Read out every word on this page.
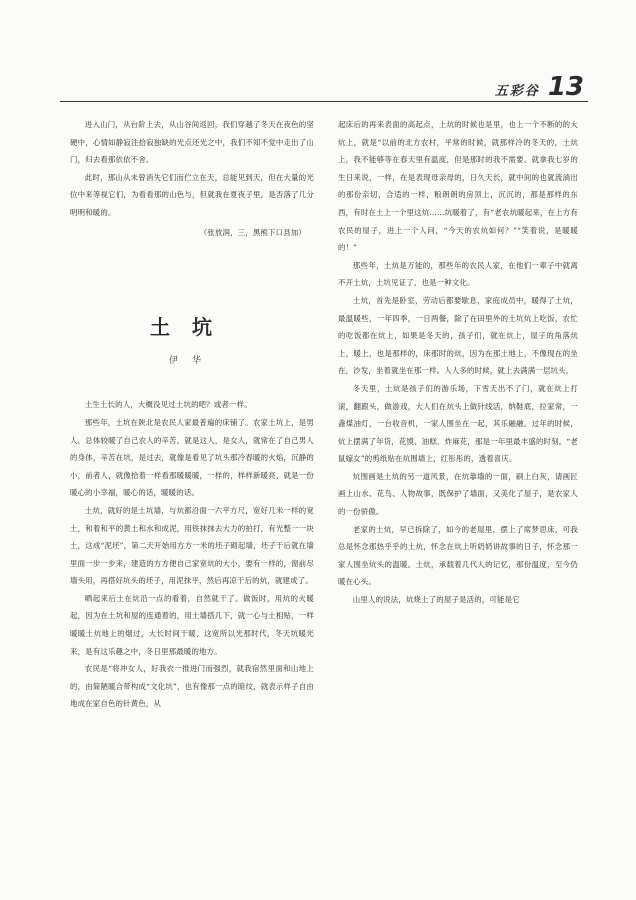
五彩谷 13

进入山门，从台阶上去，从山谷间返回，我们穿越了冬天在夜色的坚硬中，心情如静寂注拾寂独缺的光点还光之中，我们不知不觉中走出了山门，归去看那依依不舍。

此时，那山从未曾消失它们而伫立在天，总能见到天，但在大量的光位中来等视它们，为看看那的山色与，但就我在夏夜子里，是否落了几分明明和暖的。

（张放润，三，黑熊下口县加）
土坑
伊华

土生土长的人，大概没见过土坑的吧？或者一样。

那些年，土坑在陕北是农民人家最普遍的床铺了。农家土坑上，是男人，总体较暖了自己农人的辛苦，就是这人，是女人，就常在了自己男人的身体，辛苦在坑，是过去，就像是看见了坑头那冷春暖的火焰，沉静的小，前者人，就像拾着一样看那暖暖暖，一样的，样样新暖亮，就是一份暖心的小幸福，暖心的话，暖暖的话。

土炕，就好的是土坑墙，与炕都沿面一六平方尺，宽好几米一样的宽土，和着和平的黄土和水和成泥，用铁抹抹去大力的拍打，有光整一一块土，这成“泥坯”，第二天开始用方方一米的坯子砌起墙，坯子干后就在墙里面一步一步来，建造的方方便自己家宽炕的大小，要有一样的，窗前尽墙头用，再搭好坑头的坯子，用泥抹平，然后再凉干后的炕，就建成了。

晒起来后土在炕沿一点的看着，自然就干了。做饭时，用炕的火暖起，因为在土坑和屋的连通着的，用土墙搭几下，就一心与土相贴，一样暖暖土炕地上的烟过，大长时间干暖，这宽所以光那时代，冬天坑暖光来，是有这乐趣之中，冬日里那最暖的地方。

农民是“将冲女人，好我衣一推进门而强烈，就我宿然里面和山地上的，由简陋暖合带构成“文化坑”，也有像那一点的暗纹，就表示样子自由地成在家自色的针黄色，从

起床后的再来表面的高起点，上炕的时候也是里，也上一个不断的的大炕上，就是“以前的北方农村，平常的时候，就那样冷的冬天的，土炕上，我不能够等在春天里有温度，但是那时的我不需要。就拿我七岁的生日来说，一样，在是表现母亲母的，日久天长，就中间的也就流淌出的那份亲切，合适的一样，粮朗朗的房顶上，沉沉的，都是那样的东西，有时在土上一个里这炕……坑暖着了，有“老农炕暖起来，在上方有农民的屋子，进上一个人问，“今天的农炕如何？”“笑着说，是暖暖的！”

那些年，土炕是万能的，那些年的农民人家，在他们一辈子中就离不开土炕，土坑见证了，也是一种文化。

土炕，首先是卧室，劳动后都要歇息，家庭成员中，暖得了土炕，最温暖些，一年四季，一日两餐，除了在田里外的土坑炕上吃饭，农忙的吃饭都在炕上，如果是冬天的，孩子们，就在炕上，屋子的角落炕上，暖上，也是那样的，床那时的炕，因为在那土地上，不像现在的坐在，沙发，坐着就坐在那一样。人人多的时候，就上去满满一层坑头。

冬天里，土炕是孩子们的游乐场，下雪天出不了门，就在炕上打滚，翻跟头，做游戏，大人们在炕头上做针线活，纳鞋底，拉家常，一盏煤油灯，一台收音机，一家人围坐在一起，其乐融融。过年的时候，炕上摆满了年货，花馍、油糕、炸麻花，那是一年里最丰盛的时刻。“老鼠嫁女”的剪纸贴在炕围墙上，红彤彤的，透着喜庆。

炕围画是土炕的另一道风景，在炕靠墙的一面，刷上白灰，请画匠画上山水、花鸟、人物故事，既保护了墙面，又美化了屋子，是农家人的一份骄傲。

老家的土炕，早已拆除了，如今的老屋里，摆上了席梦思床，可我总是怀念那热乎乎的土炕，怀念在炕上听奶奶讲故事的日子，怀念那一家人围坐炕头的温暖。土炕，承载着几代人的记忆，那份温度，至今仍暖在心头。

山里人的说法，炕烧上了的屋子是活的，可能是它
